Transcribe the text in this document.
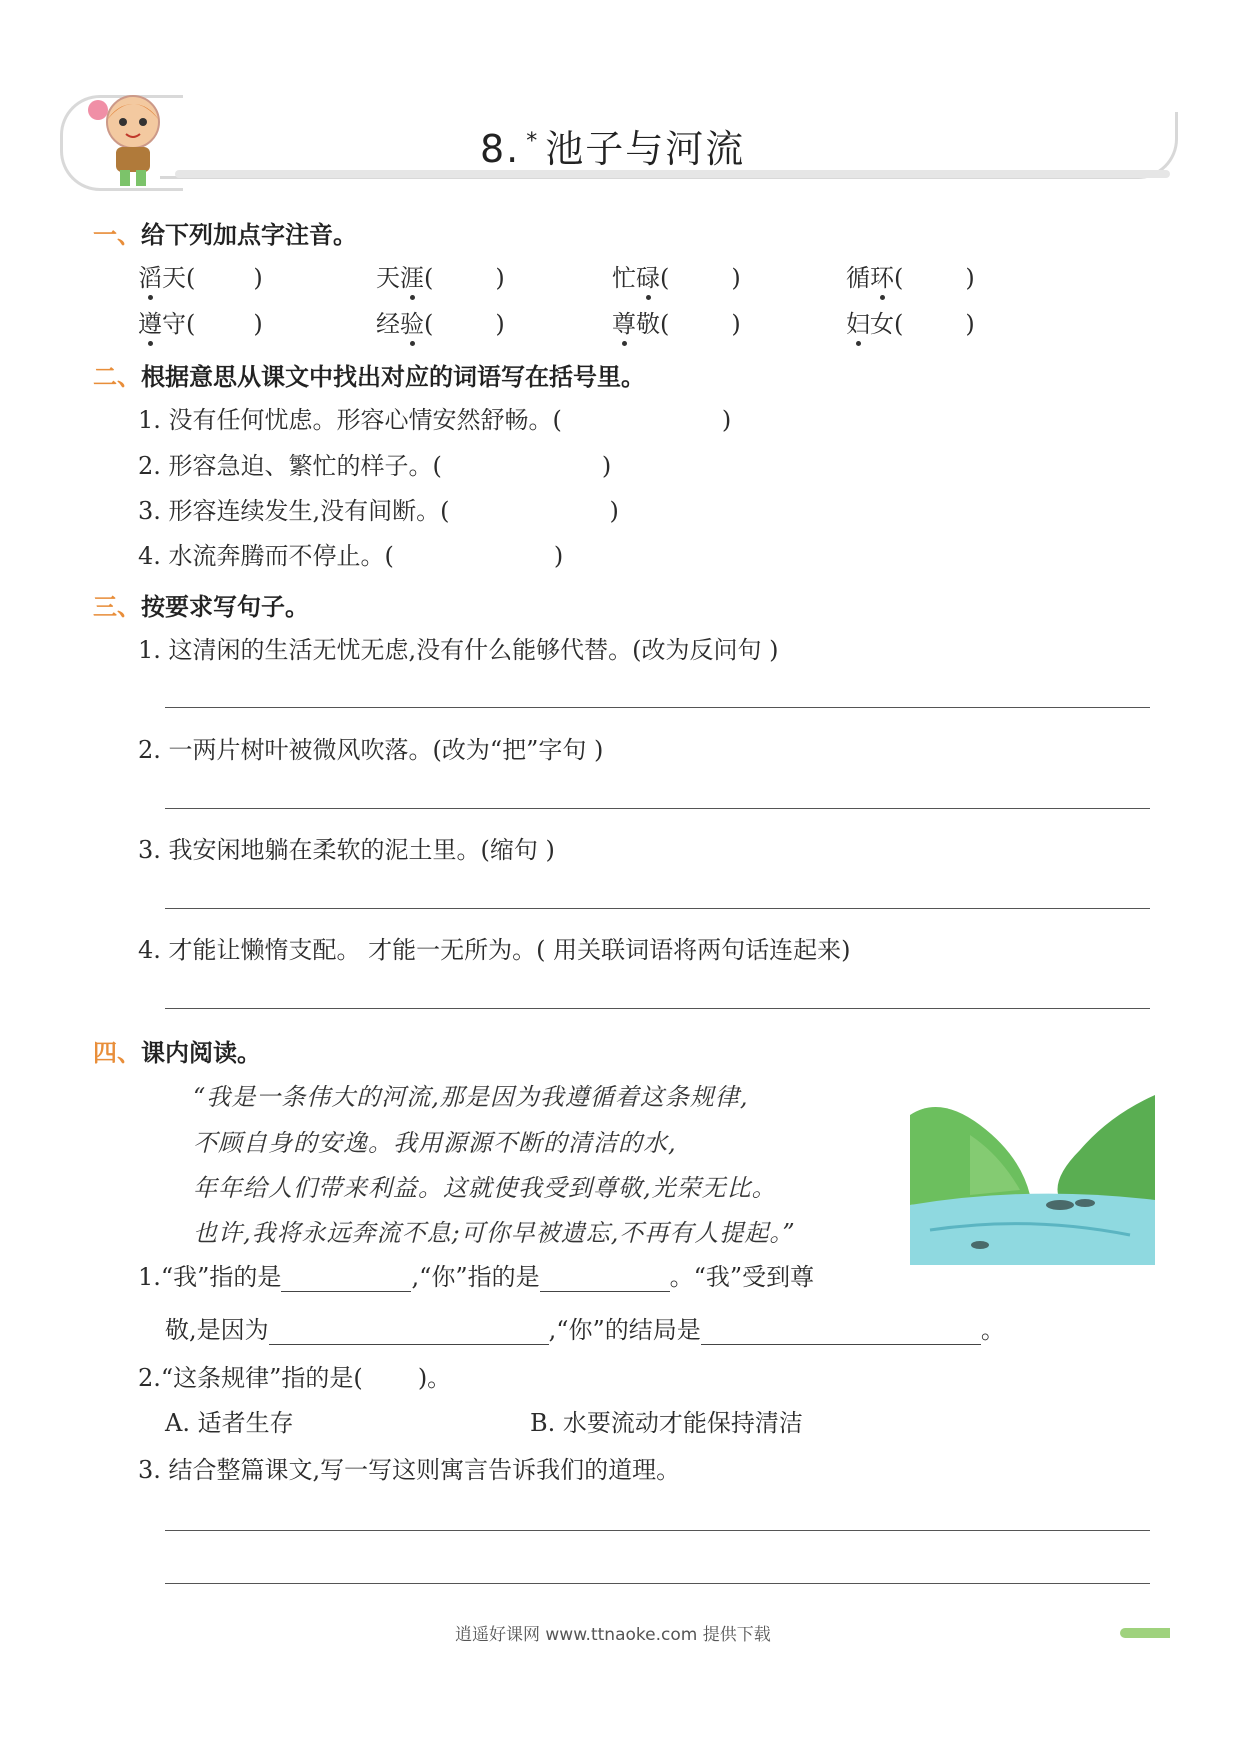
8. * 池子与河流
一、给下列加点字注音。
滔天( )	天涯(	)	忙碌(	)	循环(	)
遵守( )	经验(	)	尊敬(	)	妇女(	)
二、根据意思从课文中找出对应的词语写在括号里。
1. 没有任何忧虑。形容心情安然舒畅。(	)
2. 形容急迫、繁忙的样子。(	)
3. 形容连续发生,没有间断。(	)
4. 水流奔腾而不停止。(	)
三、按要求写句子。
1. 这清闲的生活无忧无虑,没有什么能够代替。(改为反问句 )
2. 一两片树叶被微风吹落。(改为“把”字句 )
3. 我安闲地躺在柔软的泥土里。(缩句 )
4. 才能让懒惰支配。 才能一无所为。( 用关联词语将两句话连起来)
四、课内阅读。
“我是一条伟大的河流,那是因为我遵循着这条规律,
不顾自身的安逸。我用源源不断的清洁的水,
年年给人们带来利益。这就使我受到尊敬,光荣无比。
也许,我将永远奔流不息;可你早被遗忘,不再有人提起。”
1.“我”指的是	,“你”指的是	。“我”受到尊
敬,是因为	,“你”的结局是	。
2.“这条规律”指的是( )。
A. 适者生存	B. 水要流动才能保持清洁
3. 结合整篇课文,写一写这则寓言告诉我们的道理。
逍遥好课网 www.ttnaoke.com 提供下载
